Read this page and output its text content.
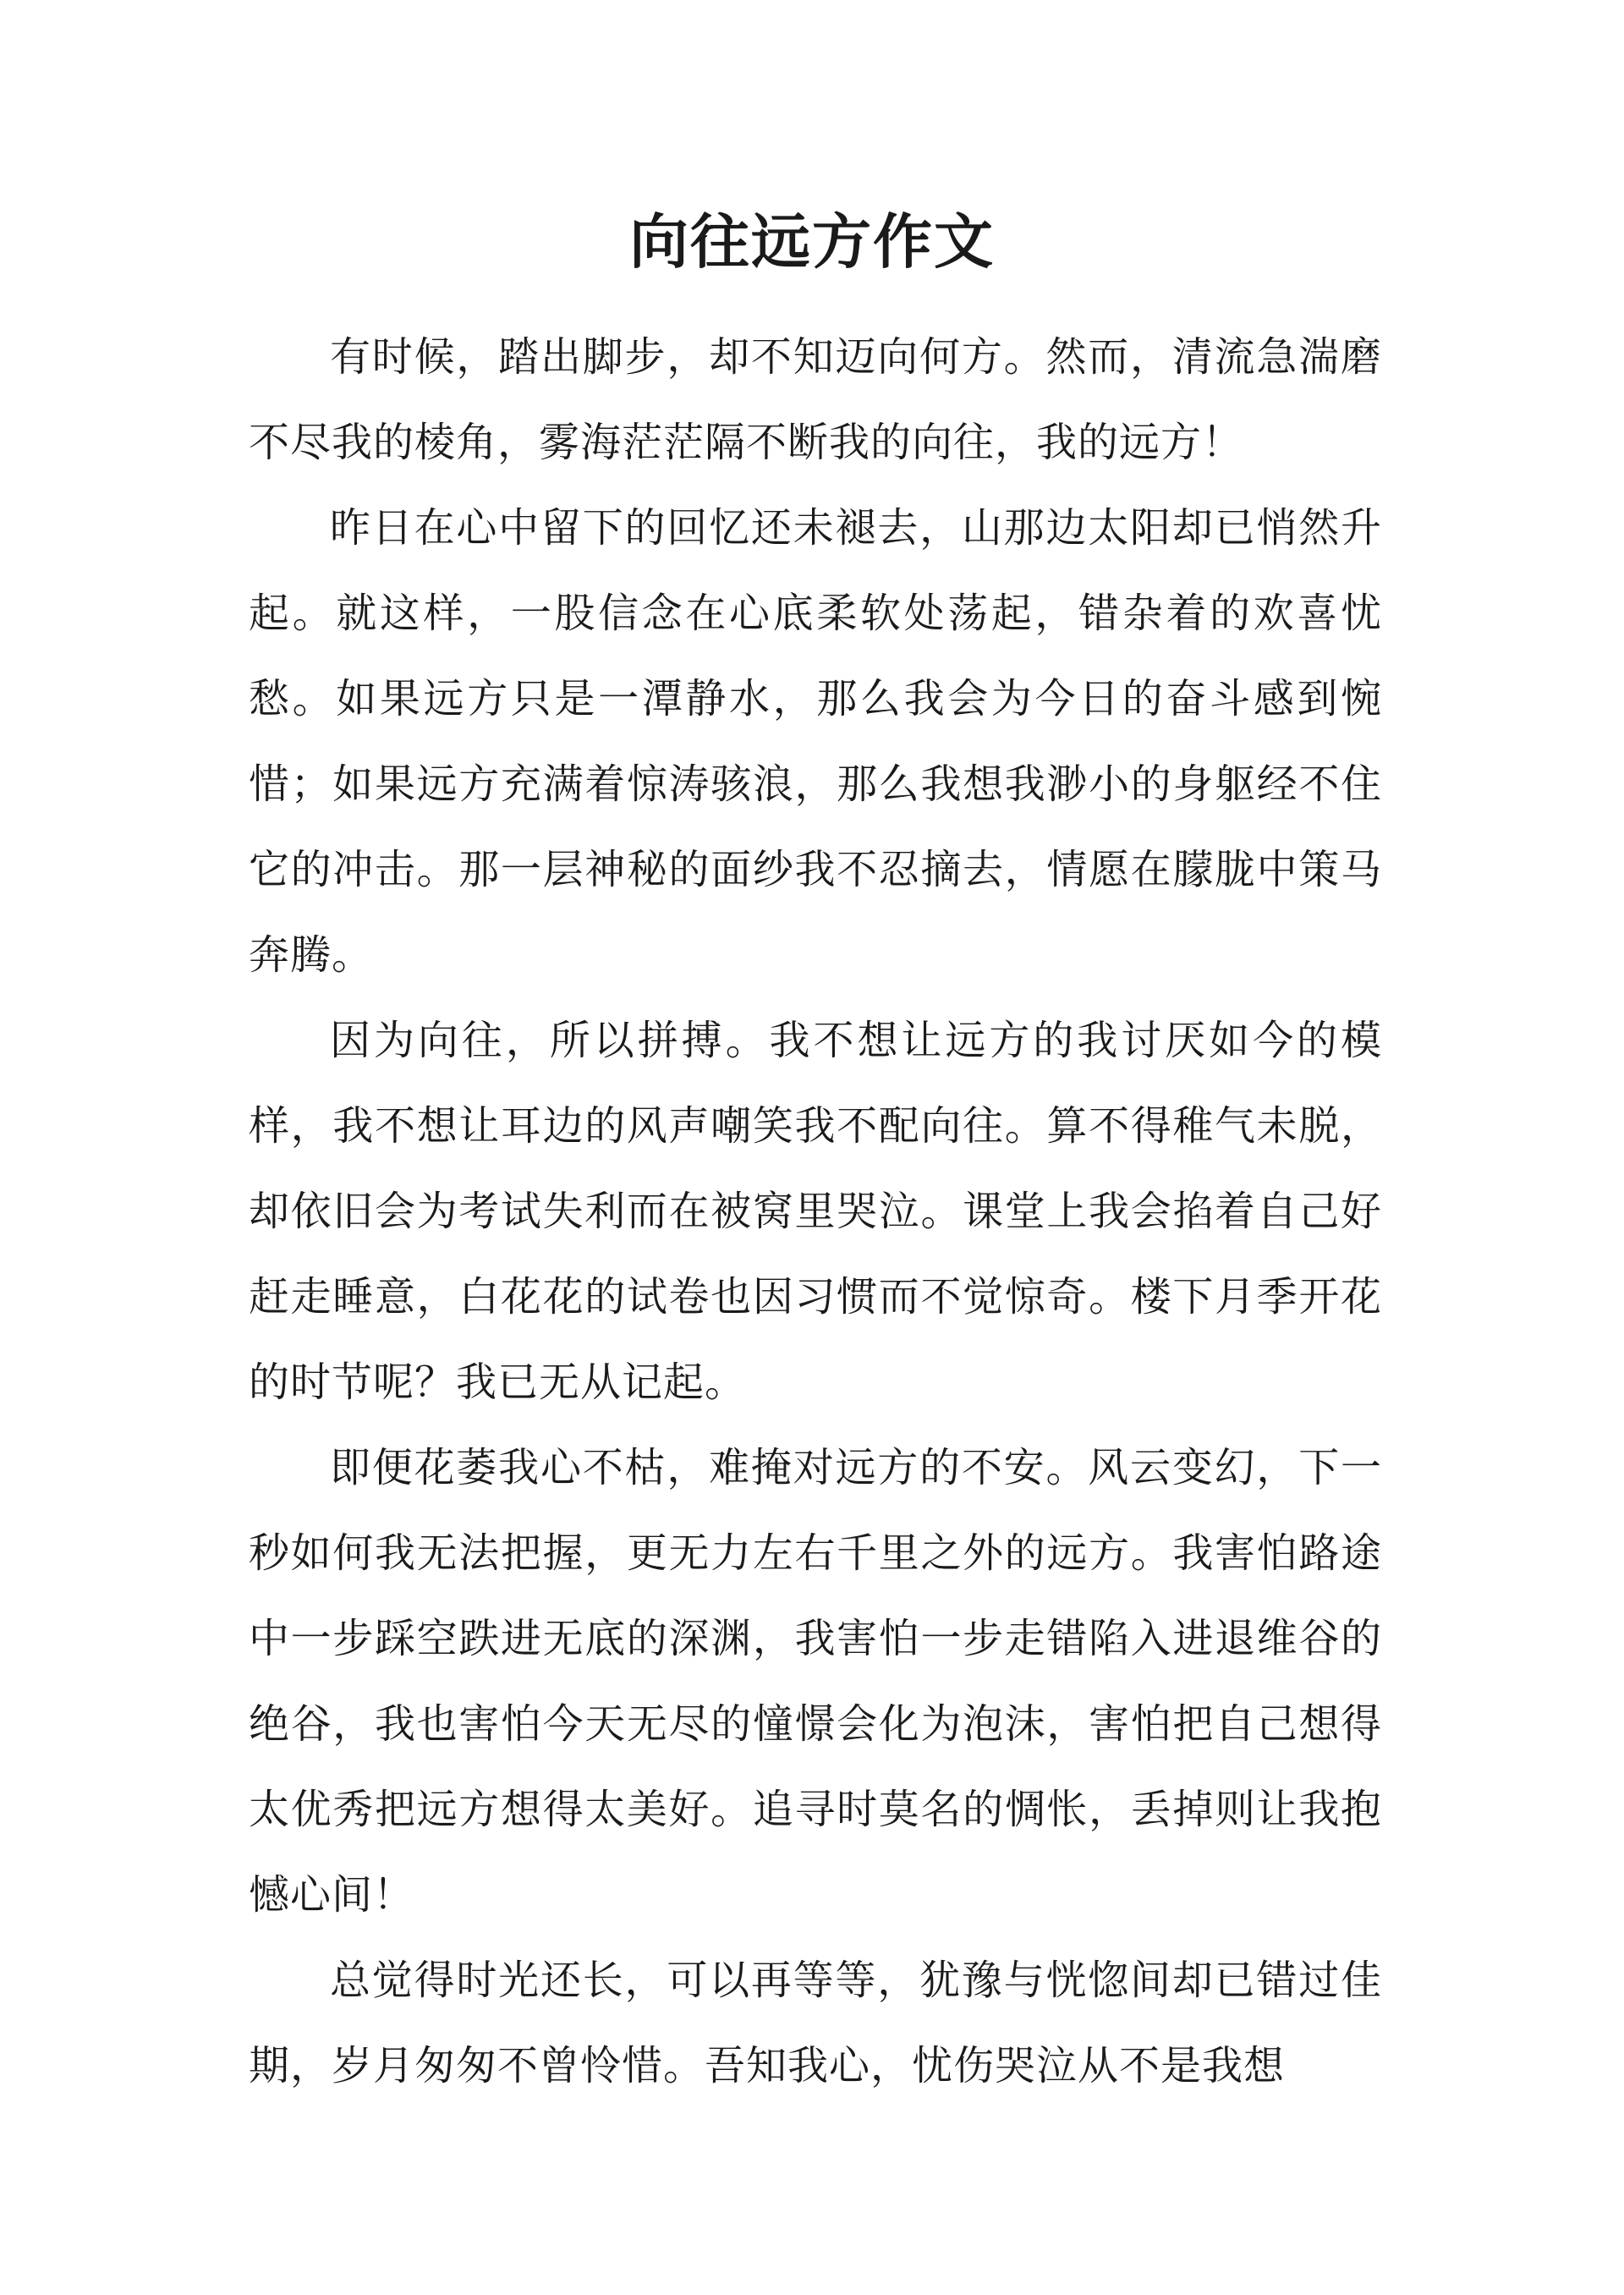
向往远方作文

有时候，踏出脚步，却不知迈向何方。然而，清流急湍磨不尽我的棱角，雾海茫茫隔不断我的向往，我的远方！

昨日在心中留下的回忆还未褪去，山那边太阳却已悄然升起。就这样，一股信念在心底柔软处荡起，错杂着的欢喜忧愁。如果远方只是一潭静水，那么我会为今日的奋斗感到惋惜；如果远方充满着惊涛骇浪，那么我想我渺小的身躯经不住它的冲击。那一层神秘的面纱我不忍摘去，情愿在朦胧中策马奔腾。

因为向往，所以拼搏。我不想让远方的我讨厌如今的模样，我不想让耳边的风声嘲笑我不配向往。算不得稚气未脱，却依旧会为考试失利而在被窝里哭泣。课堂上我会掐着自己好赶走睡意，白花花的试卷也因习惯而不觉惊奇。楼下月季开花的时节呢？我已无从记起。

即便花萎我心不枯，难掩对远方的不安。风云变幻，下一秒如何我无法把握，更无力左右千里之外的远方。我害怕路途中一步踩空跌进无底的深渊，我害怕一步走错陷入进退维谷的绝谷，我也害怕今天无尽的憧憬会化为泡沫，害怕把自己想得太优秀把远方想得太美好。追寻时莫名的惆怅，丢掉则让我抱憾心间！

总觉得时光还长，可以再等等，犹豫与恍惚间却已错过佳期，岁月匆匆不曾怜惜。吾知我心，忧伤哭泣从不是我想
